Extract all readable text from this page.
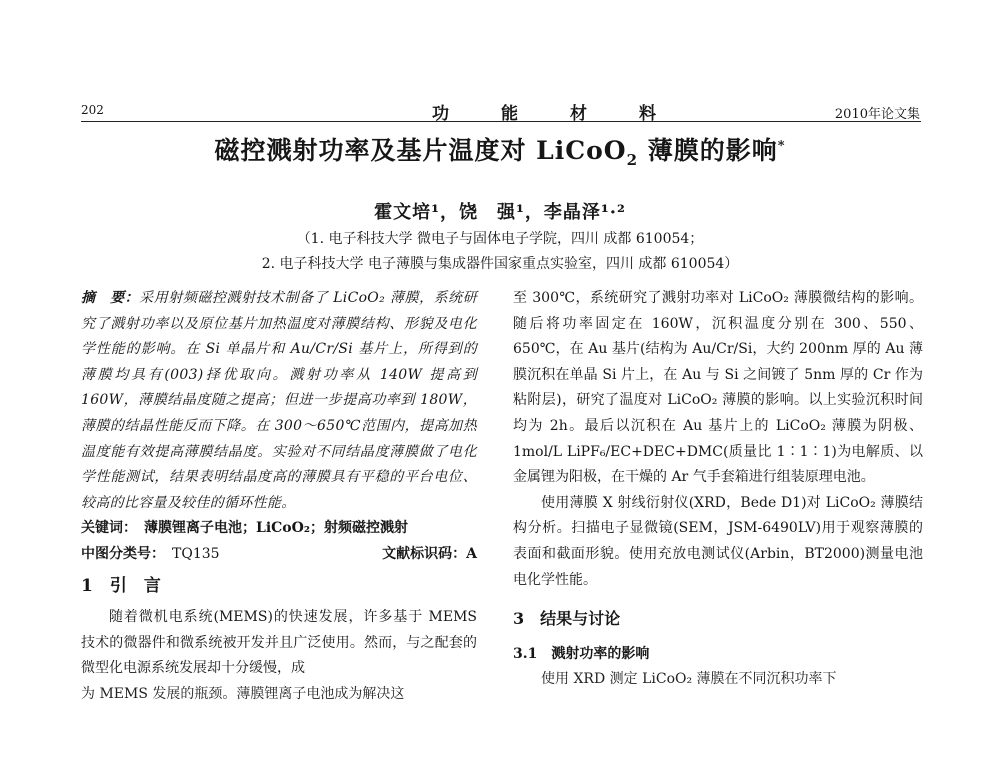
202	功能材料	2010年论文集
磁控溅射功率及基片温度对 LiCoO$_2$ 薄膜的影响*
霍文培¹，饶　强¹，李晶泽¹·²
（1. 电子科技大学 微电子与固体电子学院，四川 成都 610054；
2. 电子科技大学 电子薄膜与集成器件国家重点实验室，四川 成都 610054）

摘　要：采用射频磁控溅射技术制备了 LiCoO₂ 薄膜，系统研究了溅射功率以及原位基片加热温度对薄膜结构、形貌及电化学性能的影响。在 Si 单晶片和 Au/Cr/Si 基片上，所得到的薄膜均具有(003)择优取向。溅射功率从 140W 提高到 160W，薄膜结晶度随之提高；但进一步提高功率到 180W，薄膜的结晶性能反而下降。在 300～650℃范围内，提高加热温度能有效提高薄膜结晶度。实验对不同结晶度薄膜做了电化学性能测试，结果表明结晶度高的薄膜具有平稳的平台电位、较高的比容量及较佳的循环性能。

关键词：　薄膜锂离子电池；LiCoO₂；射频磁控溅射

中图分类号：　TQ135	文献标识码：A
1　引　言

随着微机电系统(MEMS)的快速发展，许多基于 MEMS 技术的微器件和微系统被开发并且广泛使用。然而，与之配套的微型化电源系统发展却十分缓慢，成

为 MEMS 发展的瓶颈。薄膜锂离子电池成为解决这

至 300℃，系统研究了溅射功率对 LiCoO₂ 薄膜微结构的影响。随后将功率固定在 160W，沉积温度分别在 300、550、650℃，在 Au 基片(结构为 Au/Cr/Si，大约 200nm 厚的 Au 薄膜沉积在单晶 Si 片上，在 Au 与 Si 之间镀了 5nm 厚的 Cr 作为粘附层)，研究了温度对 LiCoO₂ 薄膜的影响。以上实验沉积时间均为 2h。最后以沉积在 Au 基片上的 LiCoO₂ 薄膜为阴极、1mol/L LiPF₆/EC+DEC+DMC(质量比 1∶1∶1)为电解质、以金属锂为阳极，在干燥的 Ar 气手套箱进行组装原理电池。

使用薄膜 X 射线衍射仪(XRD，Bede D1)对 LiCoO₂ 薄膜结构分析。扫描电子显微镜(SEM，JSM-6490LV)用于观察薄膜的表面和截面形貌。使用充放电测试仪(Arbin，BT2000)测量电池电化学性能。

3　结果与讨论
3.1　溅射功率的影响

使用 XRD 测定 LiCoO₂ 薄膜在不同沉积功率下
